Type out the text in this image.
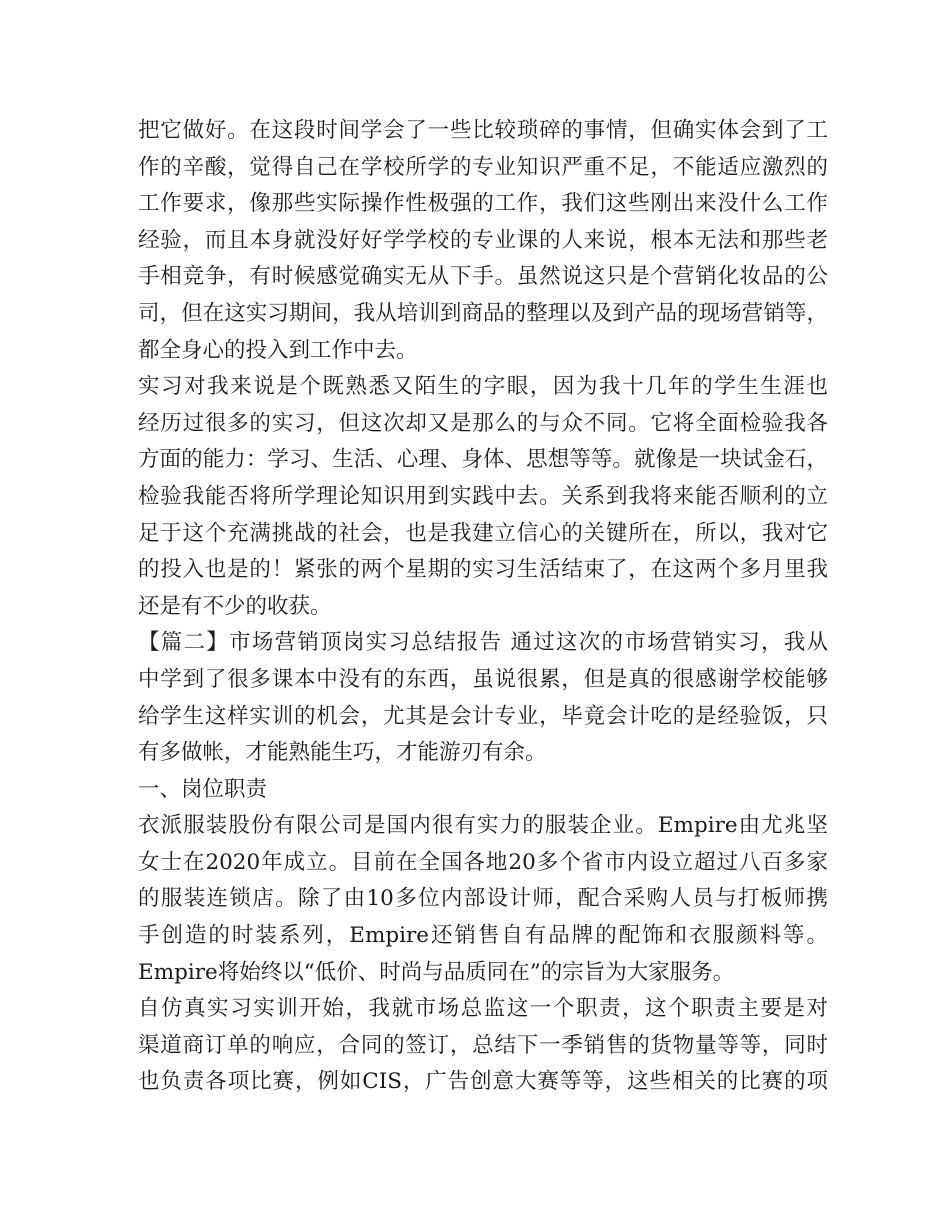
把它做好。在这段时间学会了一些比较琐碎的事情，但确实体会到了工
作的辛酸，觉得自己在学校所学的专业知识严重不足，不能适应激烈的
工作要求，像那些实际操作性极强的工作，我们这些刚出来没什么工作
经验，而且本身就没好好学学校的专业课的人来说，根本无法和那些老
手相竞争，有时候感觉确实无从下手。虽然说这只是个营销化妆品的公
司，但在这实习期间，我从培训到商品的整理以及到产品的现场营销等，
都全身心的投入到工作中去。
实习对我来说是个既熟悉又陌生的字眼，因为我十几年的学生生涯也
经历过很多的实习，但这次却又是那么的与众不同。它将全面检验我各
方面的能力：学习、生活、心理、身体、思想等等。就像是一块试金石，
检验我能否将所学理论知识用到实践中去。关系到我将来能否顺利的立
足于这个充满挑战的社会，也是我建立信心的关键所在，所以，我对它
的投入也是的！紧张的两个星期的实习生活结束了，在这两个多月里我
还是有不少的收获。
【篇二】市场营销顶岗实习总结报告 通过这次的市场营销实习，我从
中学到了很多课本中没有的东西，虽说很累，但是真的很感谢学校能够
给学生这样实训的机会，尤其是会计专业，毕竟会计吃的是经验饭，只
有多做帐，才能熟能生巧，才能游刃有余。
一、岗位职责
衣派服装股份有限公司是国内很有实力的服装企业。Empire由尤兆坚
女士在2020年成立。目前在全国各地20多个省市内设立超过八百多家
的服装连锁店。除了由10多位内部设计师，配合采购人员与打板师携
手创造的时装系列，Empire还销售自有品牌的配饰和衣服颜料等。
Empire将始终以“低价、时尚与品质同在”的宗旨为大家服务。
自仿真实习实训开始，我就市场总监这一个职责，这个职责主要是对
渠道商订单的响应，合同的签订，总结下一季销售的货物量等等，同时
也负责各项比赛，例如CIS，广告创意大赛等等，这些相关的比赛的项
